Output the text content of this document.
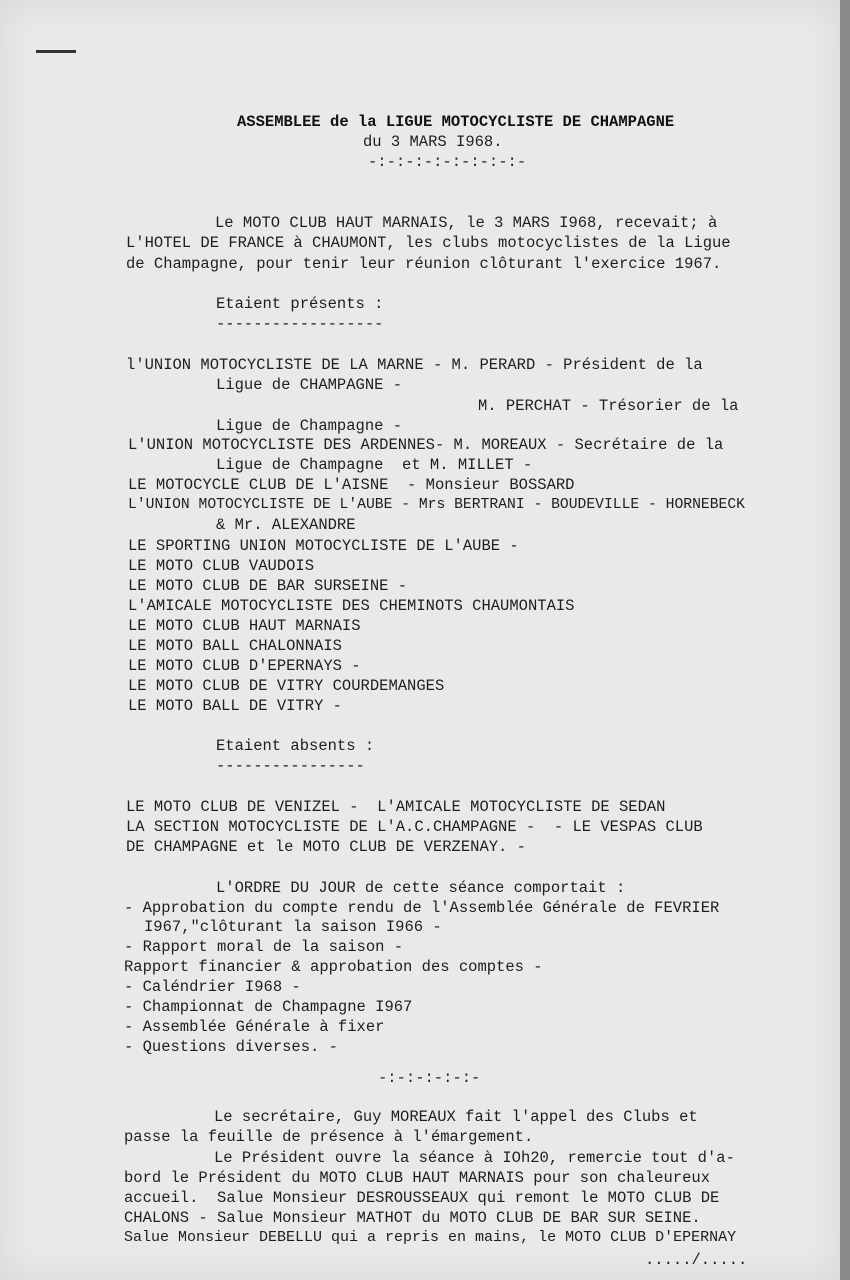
ASSEMBLEE de la LIGUE MOTOCYCLISTE DE CHAMPAGNE
du 3 MARS I968.
-:-:-:-:-:-:-:-:-
Le MOTO CLUB HAUT MARNAIS, le 3 MARS I968, recevait; à
L'HOTEL DE FRANCE à CHAUMONT, les clubs motocyclistes de la Ligue
de Champagne, pour tenir leur réunion clôturant l'exercice 1967.
Etaient présents :
------------------
l'UNION MOTOCYCLISTE DE LA MARNE - M. PERARD - Président de la
Ligue de CHAMPAGNE -
M. PERCHAT - Trésorier de la
Ligue de Champagne -
L'UNION MOTOCYCLISTE DES ARDENNES- M. MOREAUX - Secrétaire de la
Ligue de Champagne  et M. MILLET -
LE MOTOCYCLE CLUB DE L'AISNE  - Monsieur BOSSARD
L'UNION MOTOCYCLISTE DE L'AUBE - Mrs BERTRANI - BOUDEVILLE - HORNEBECK
& Mr. ALEXANDRE
LE SPORTING UNION MOTOCYCLISTE DE L'AUBE -
LE MOTO CLUB VAUDOIS
LE MOTO CLUB DE BAR SURSEINE -
L'AMICALE MOTOCYCLISTE DES CHEMINOTS CHAUMONTAIS
LE MOTO CLUB HAUT MARNAIS
LE MOTO BALL CHALONNAIS
LE MOTO CLUB D'EPERNAYS -
LE MOTO CLUB DE VITRY COURDEMANGES
LE MOTO BALL DE VITRY -
Etaient absents :
----------------
LE MOTO CLUB DE VENIZEL -  L'AMICALE MOTOCYCLISTE DE SEDAN
LA SECTION MOTOCYCLISTE DE L'A.C.CHAMPAGNE -  - LE VESPAS CLUB
DE CHAMPAGNE et le MOTO CLUB DE VERZENAY. -
L'ORDRE DU JOUR de cette séance comportait :
- Approbation du compte rendu de l'Assemblée Générale de FEVRIER
I967,"clôturant la saison I966 -
- Rapport moral de la saison -
Rapport financier & approbation des comptes -
- Caléndrier I968 -
- Championnat de Champagne I967
- Assemblée Générale à fixer
- Questions diverses. -
-:-:-:-:-:-
Le secrétaire, Guy MOREAUX fait l'appel des Clubs et
passe la feuille de présence à l'émargement.
Le Président ouvre la séance à IOh20, remercie tout d'a-
bord le Président du MOTO CLUB HAUT MARNAIS pour son chaleureux
accueil.  Salue Monsieur DESROUSSEAUX qui remont le MOTO CLUB DE
CHALONS - Salue Monsieur MATHOT du MOTO CLUB DE BAR SUR SEINE.
Salue Monsieur DEBELLU qui a repris en mains, le MOTO CLUB D'EPERNAY
...../.....
